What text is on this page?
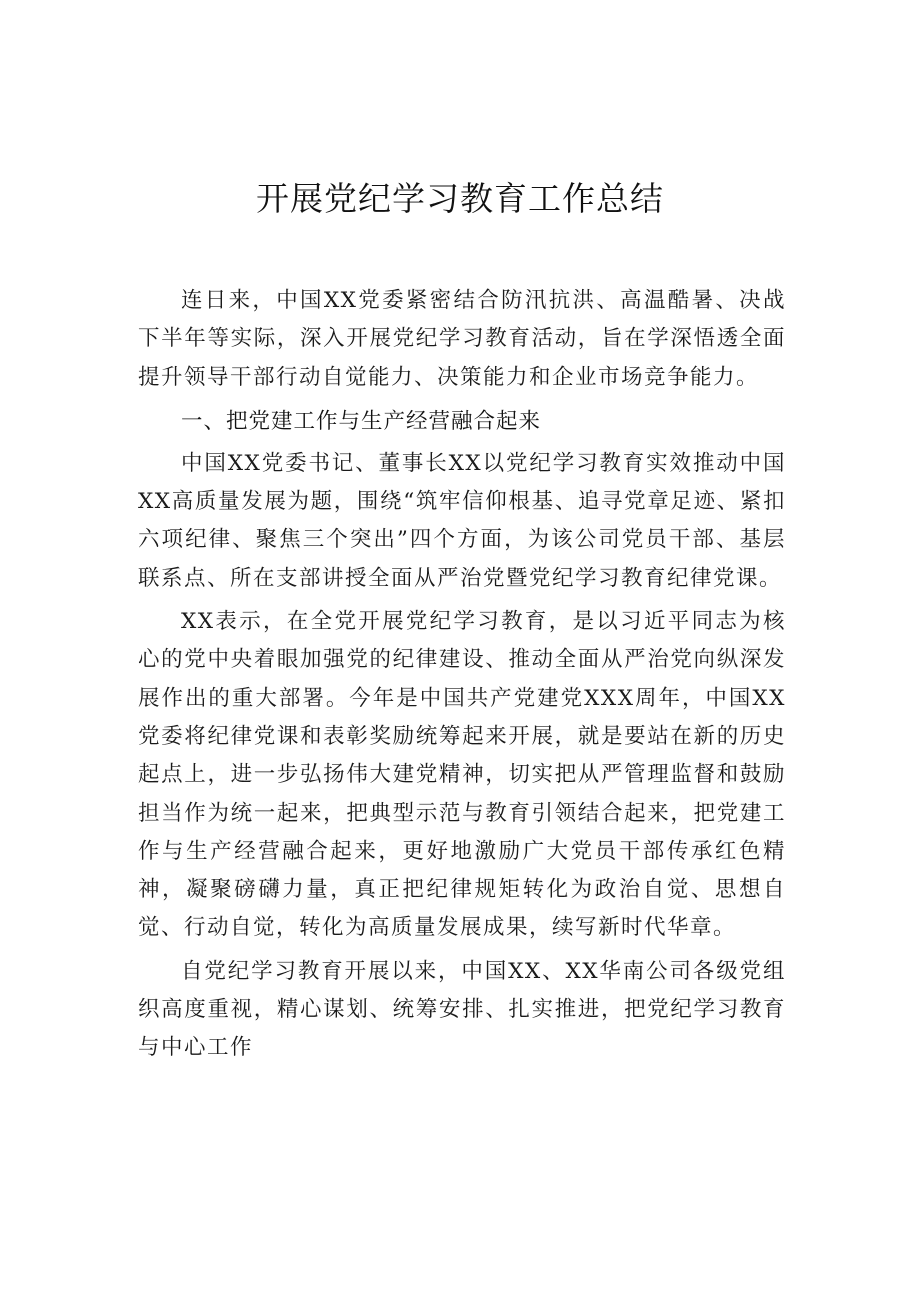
开展党纪学习教育工作总结

连日来，中国XX党委紧密结合防汛抗洪、高温酷暑、决战下半年等实际，深入开展党纪学习教育活动，旨在学深悟透全面提升领导干部行动自觉能力、决策能力和企业市场竞争能力。

一、把党建工作与生产经营融合起来

中国XX党委书记、董事长XX以党纪学习教育实效推动中国XX高质量发展为题，围绕“筑牢信仰根基、追寻党章足迹、紧扣六项纪律、聚焦三个突出”四个方面，为该公司党员干部、基层联系点、所在支部讲授全面从严治党暨党纪学习教育纪律党课。

XX表示，在全党开展党纪学习教育，是以习近平同志为核心的党中央着眼加强党的纪律建设、推动全面从严治党向纵深发展作出的重大部署。今年是中国共产党建党XXX周年，中国XX党委将纪律党课和表彰奖励统筹起来开展，就是要站在新的历史起点上，进一步弘扬伟大建党精神，切实把从严管理监督和鼓励担当作为统一起来，把典型示范与教育引领结合起来，把党建工作与生产经营融合起来，更好地激励广大党员干部传承红色精神，凝聚磅礴力量，真正把纪律规矩转化为政治自觉、思想自觉、行动自觉，转化为高质量发展成果，续写新时代华章。

自党纪学习教育开展以来，中国XX、XX华南公司各级党组织高度重视，精心谋划、统筹安排、扎实推进，把党纪学习教育与中心工作
